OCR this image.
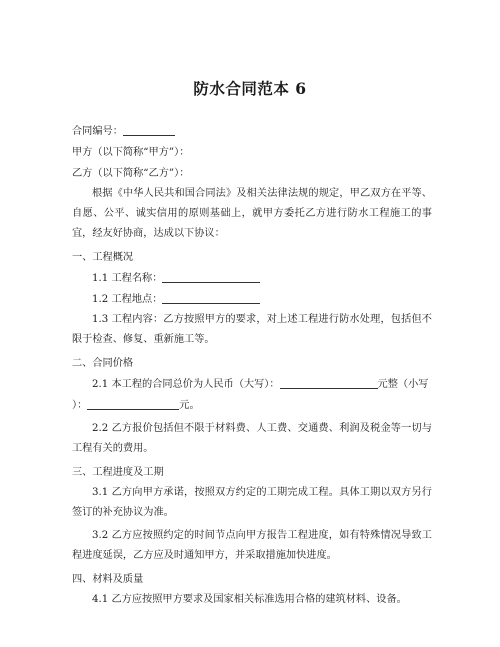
防水合同范本 6
合同编号：
甲方（以下简称“甲方”）：
乙方（以下简称“乙方”）：
根据《中华人民共和国合同法》及相关法律法规的规定，甲乙双方在平等、自愿、公平、诚实信用的原则基础上，就甲方委托乙方进行防水工程施工的事宜，经友好协商，达成以下协议：
一、工程概况
1.1 工程名称：
1.2 工程地点：
1.3 工程内容：乙方按照甲方的要求，对上述工程进行防水处理，包括但不限于检查、修复、重新施工等。
二、合同价格
2.1 本工程的合同总价为人民币（大写）：	元整（小写
）：	元。
2.2 乙方报价包括但不限于材料费、人工费、交通费、利润及税金等一切与工程有关的费用。
三、工程进度及工期
3.1 乙方向甲方承诺，按照双方约定的工期完成工程。具体工期以双方另行签订的补充协议为准。
3.2 乙方应按照约定的时间节点向甲方报告工程进度，如有特殊情况导致工程进度延误，乙方应及时通知甲方，并采取措施加快进度。
四、材料及质量
4.1 乙方应按照甲方要求及国家相关标准选用合格的建筑材料、设备。
